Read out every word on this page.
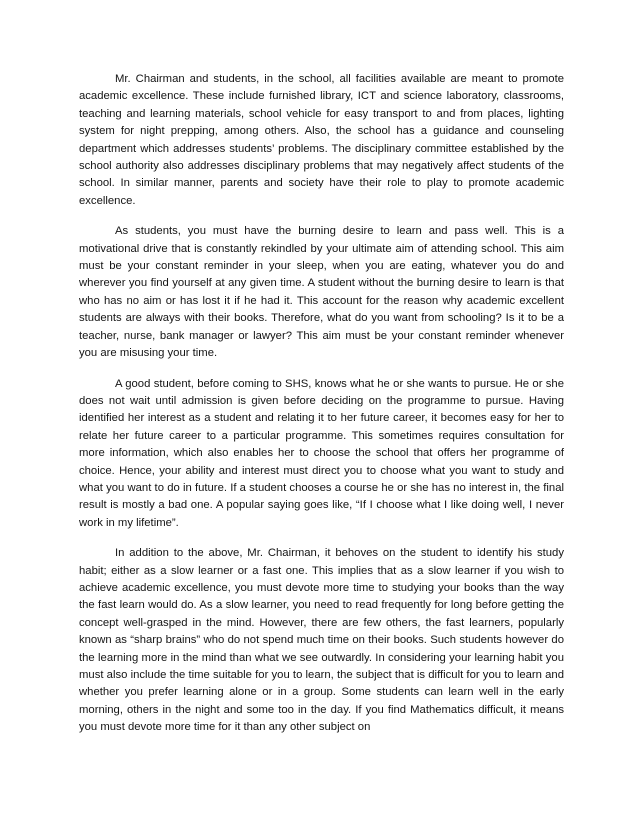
Mr. Chairman and students, in the school, all facilities available are meant to promote academic excellence. These include furnished library, ICT and science laboratory, classrooms, teaching and learning materials, school vehicle for easy transport to and from places, lighting system for night prepping, among others. Also, the school has a guidance and counseling department which addresses students’ problems. The disciplinary committee established by the school authority also addresses disciplinary problems that may negatively affect students of the school. In similar manner, parents and society have their role to play to promote academic excellence.

As students, you must have the burning desire to learn and pass well. This is a motivational drive that is constantly rekindled by your ultimate aim of attending school. This aim must be your constant reminder in your sleep, when you are eating, whatever you do and wherever you find yourself at any given time. A student without the burning desire to learn is that who has no aim or has lost it if he had it. This account for the reason why academic excellent students are always with their books. Therefore, what do you want from schooling? Is it to be a teacher, nurse, bank manager or lawyer? This aim must be your constant reminder whenever you are misusing your time.

A good student, before coming to SHS, knows what he or she wants to pursue. He or she does not wait until admission is given before deciding on the programme to pursue. Having identified her interest as a student and relating it to her future career, it becomes easy for her to relate her future career to a particular programme. This sometimes requires consultation for more information, which also enables her to choose the school that offers her programme of choice. Hence, your ability and interest must direct you to choose what you want to study and what you want to do in future. If a student chooses a course he or she has no interest in, the final result is mostly a bad one. A popular saying goes like, “If I choose what I like doing well, I never work in my lifetime”.

In addition to the above, Mr. Chairman, it behoves on the student to identify his study habit; either as a slow learner or a fast one. This implies that as a slow learner if you wish to achieve academic excellence, you must devote more time to studying your books than the way the fast learn would do. As a slow learner, you need to read frequently for long before getting the concept well-grasped in the mind. However, there are few others, the fast learners, popularly known as “sharp brains” who do not spend much time on their books. Such students however do the learning more in the mind than what we see outwardly. In considering your learning habit you must also include the time suitable for you to learn, the subject that is difficult for you to learn and whether you prefer learning alone or in a group. Some students can learn well in the early morning, others in the night and some too in the day. If you find Mathematics difficult, it means you must devote more time for it than any other subject on
